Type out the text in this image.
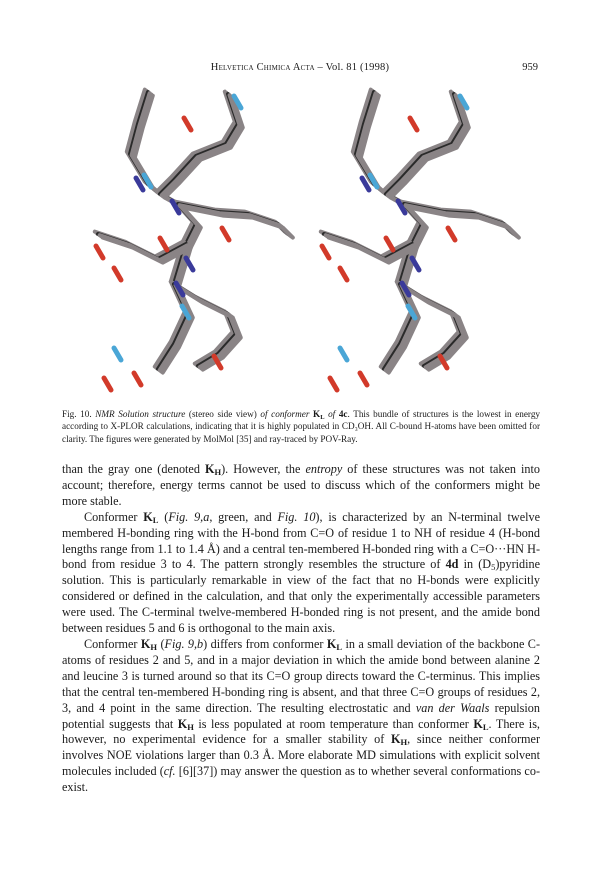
Helvetica Chimica Acta – Vol. 81 (1998)	959
Fig. 10. NMR Solution structure (stereo side view) of conformer $K_L$ of 4c. This bundle of structures is the lowest in energy according to X-PLOR calculations, indicating that it is highly populated in CD₃OH. All C-bound H-atoms have been omitted for clarity. The figures were generated by MolMol [35] and ray-traced by POV-Ray.

than the gray one (denoted $K_H$). However, the entropy of these structures was not taken into account; therefore, energy terms cannot be used to discuss which of the conformers might be more stable.

Conformer $K_L$ (Fig. 9,a, green, and Fig. 10), is characterized by an N-terminal twelve membered H-bonding ring with the H-bond from C=O of residue 1 to NH of residue 4 (H-bond lengths range from 1.1 to 1.4 Å) and a central ten-membered H-bonded ring with a C=O···HN H-bond from residue 3 to 4. The pattern strongly resembles the structure of 4d in $(D_5)pyridine$ solution. This is particularly remarkable in view of the fact that no H-bonds were explicitly considered or defined in the calculation, and that only the experimentally accessible parameters were used. The C-terminal twelve-membered H-bonded ring is not present, and the amide bond between residues 5 and 6 is orthogonal to the main axis.

Conformer $K_H$ (Fig. 9,b) differs from conformer $K_L$ in a small deviation of the backbone C-atoms of residues 2 and 5, and in a major deviation in which the amide bond between alanine 2 and leucine 3 is turned around so that its C=O group directs toward the C-terminus. This implies that the central ten-membered H-bonding ring is absent, and that three C=O groups of residues 2, 3, and 4 point in the same direction. The resulting electrostatic and van der Waals repulsion potential suggests that $K_H$ is less populated at room temperature than conformer $K_L$. There is, however, no experimental evidence for a smaller stability of $K_H$, since neither conformer involves NOE violations larger than 0.3 Å. More elaborate MD simulations with explicit solvent molecules included (cf. [6][37]) may answer the question as to whether several conformations co-exist.
